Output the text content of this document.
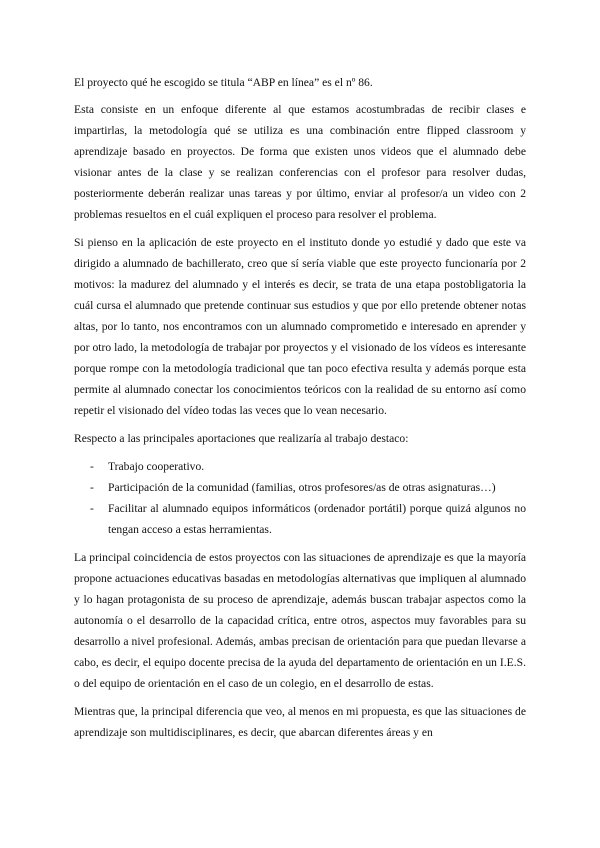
El proyecto qué he escogido se titula “ABP en línea” es el nº 86.

Esta consiste en un enfoque diferente al que estamos acostumbradas de recibir clases e impartirlas, la metodología qué se utiliza es una combinación entre flipped classroom y aprendizaje basado en proyectos. De forma que existen unos videos que el alumnado debe visionar antes de la clase y se realizan conferencias con el profesor para resolver dudas, posteriormente deberán realizar unas tareas y por último, enviar al profesor/a un video con 2 problemas resueltos en el cuál expliquen el proceso para resolver el problema.

Si pienso en la aplicación de este proyecto en el instituto donde yo estudié y dado que este va dirigido a alumnado de bachillerato, creo que sí sería viable que este proyecto funcionaría por 2 motivos: la madurez del alumnado y el interés es decir, se trata de una etapa postobligatoria la cuál cursa el alumnado que pretende continuar sus estudios y que por ello pretende obtener notas altas, por lo tanto, nos encontramos con un alumnado comprometido e interesado en aprender y por otro lado, la metodología de trabajar por proyectos y el visionado de los vídeos es interesante porque rompe con la metodología tradicional que tan poco efectiva resulta y además porque esta permite al alumnado conectar los conocimientos teóricos con la realidad de su entorno así como repetir el visionado del vídeo todas las veces que lo vean necesario.

Respecto a las principales aportaciones que realizaría al trabajo destaco:

- Trabajo cooperativo.
- Participación de la comunidad (familias, otros profesores/as de otras asignaturas…)
- Facilitar al alumnado equipos informáticos (ordenador portátil) porque quizá algunos no tengan acceso a estas herramientas.

La principal coincidencia de estos proyectos con las situaciones de aprendizaje es que la mayoría propone actuaciones educativas basadas en metodologías alternativas que impliquen al alumnado y lo hagan protagonista de su proceso de aprendizaje, además buscan trabajar aspectos como la autonomía o el desarrollo de la capacidad crítica, entre otros, aspectos muy favorables para su desarrollo a nivel profesional. Además, ambas precisan de orientación para que puedan llevarse a cabo, es decir, el equipo docente precisa de la ayuda del departamento de orientación en un I.E.S. o del equipo de orientación en el caso de un colegio, en el desarrollo de estas.

Mientras que, la principal diferencia que veo, al menos en mi propuesta, es que las situaciones de aprendizaje son multidisciplinares, es decir, que abarcan diferentes áreas y en
